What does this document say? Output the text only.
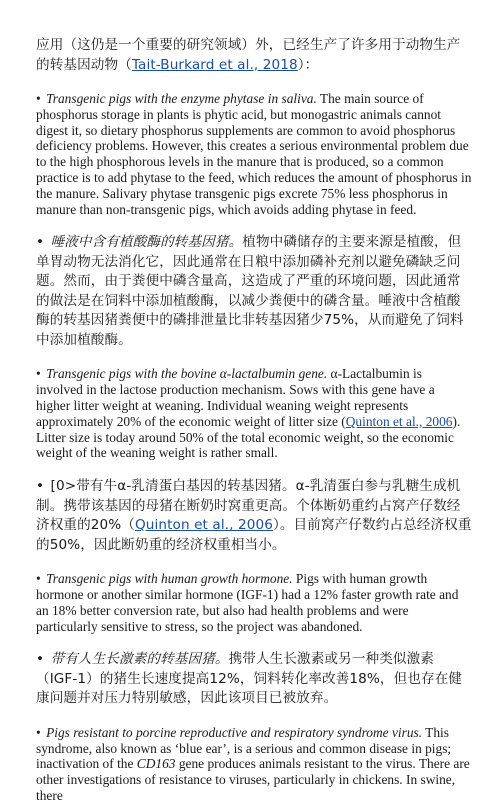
应用（这仍是一个重要的研究领域）外，已经生产了许多用于动物生产的转基因动物（Tait-Burkard et al., 2018）：

• Transgenic pigs with the enzyme phytase in saliva. The main source of phosphorus storage in plants is phytic acid, but monogastric animals cannot digest it, so dietary phosphorus supplements are common to avoid phosphorus deficiency problems. However, this creates a serious environmental problem due to the high phosphorous levels in the manure that is produced, so a common practice is to add phytase to the feed, which reduces the amount of phosphorus in the manure. Salivary phytase transgenic pigs excrete 75% less phosphorus in manure than non-transgenic pigs, which avoids adding phytase in feed.

• 唾液中含有植酸酶的转基因猪。植物中磷储存的主要来源是植酸，但单胃动物无法消化它，因此通常在日粮中添加磷补充剂以避免磷缺乏问题。然而，由于粪便中磷含量高，这造成了严重的环境问题，因此通常的做法是在饲料中添加植酸酶，以减少粪便中的磷含量。唾液中含植酸酶的转基因猪粪便中的磷排泄量比非转基因猪少75%，从而避免了饲料中添加植酸酶。

• Transgenic pigs with the bovine α-lactalbumin gene. α-Lactalbumin is involved in the lactose production mechanism. Sows with this gene have a higher litter weight at weaning. Individual weaning weight represents approximately 20% of the economic weight of litter size (Quinton et al., 2006). Litter size is today around 50% of the total economic weight, so the economic weight of the weaning weight is rather small.

• [0>带有牛α-乳清蛋白基因的转基因猪。α-乳清蛋白参与乳糖生成机制。携带该基因的母猪在断奶时窝重更高。个体断奶重约占窝产仔数经济权重的20%（Quinton et al., 2006）。目前窝产仔数约占总经济权重的50%，因此断奶重的经济权重相当小。

• Transgenic pigs with human growth hormone. Pigs with human growth hormone or another similar hormone (IGF-1) had a 12% faster growth rate and an 18% better conversion rate, but also had health problems and were particularly sensitive to stress, so the project was abandoned.

• 带有人生长激素的转基因猪。携带人生长激素或另一种类似激素（IGF-1）的猪生长速度提高12%，饲料转化率改善18%，但也存在健康问题并对压力特别敏感，因此该项目已被放弃。

• Pigs resistant to porcine reproductive and respiratory syndrome virus. This syndrome, also known as ‘blue ear’, is a serious and common disease in pigs; inactivation of the CD163 gene produces animals resistant to the virus. There are other investigations of resistance to viruses, particularly in chickens. In swine, there
